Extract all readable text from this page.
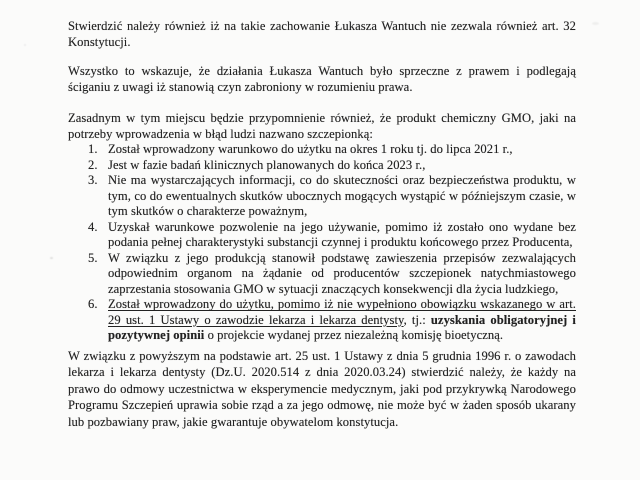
Stwierdzić należy również iż na takie zachowanie Łukasza Wantuch nie zezwala również art. 32 Konstytucji.

Wszystko to wskazuje, że działania Łukasza Wantuch było sprzeczne z prawem i podlegają ściganiu z uwagi iż stanowią czyn zabroniony w rozumieniu prawa.

Zasadnym w tym miejscu będzie przypomnienie również, że produkt chemiczny GMO, jaki na potrzeby wprowadzenia w błąd ludzi nazwano szczepionką:

1. Został wprowadzony warunkowo do użytku na okres 1 roku tj. do lipca 2021 r.,
2. Jest w fazie badań klinicznych planowanych do końca 2023 r.,
3. Nie ma wystarczających informacji, co do skuteczności oraz bezpieczeństwa produktu, w tym, co do ewentualnych skutków ubocznych mogących wystąpić w późniejszym czasie, w tym skutków o charakterze poważnym,
4. Uzyskał warunkowe pozwolenie na jego używanie, pomimo iż zostało ono wydane bez podania pełnej charakterystyki substancji czynnej i produktu końcowego przez Producenta,
5. W związku z jego produkcją stanowił podstawę zawieszenia przepisów zezwalających odpowiednim organom na żądanie od producentów szczepionek natychmiastowego zaprzestania stosowania GMO w sytuacji znaczących konsekwencji dla życia ludzkiego,
6. Został wprowadzony do użytku, pomimo iż nie wypełniono obowiązku wskazanego w art. 29 ust. 1 Ustawy o zawodzie lekarza i lekarza dentysty, tj.: uzyskania obligatoryjnej i pozytywnej opinii o projekcie wydanej przez niezależną komisję bioetyczną.

W związku z powyższym na podstawie art. 25 ust. 1 Ustawy z dnia 5 grudnia 1996 r. o zawodach lekarza i lekarza dentysty (Dz.U. 2020.514 z dnia 2020.03.24) stwierdzić należy, że każdy na prawo do odmowy uczestnictwa w eksperymencie medycznym, jaki pod przykrywką Narodowego Programu Szczepień uprawia sobie rząd a za jego odmowę, nie może być w żaden sposób ukarany lub pozbawiany praw, jakie gwarantuje obywatelom konstytucja.
